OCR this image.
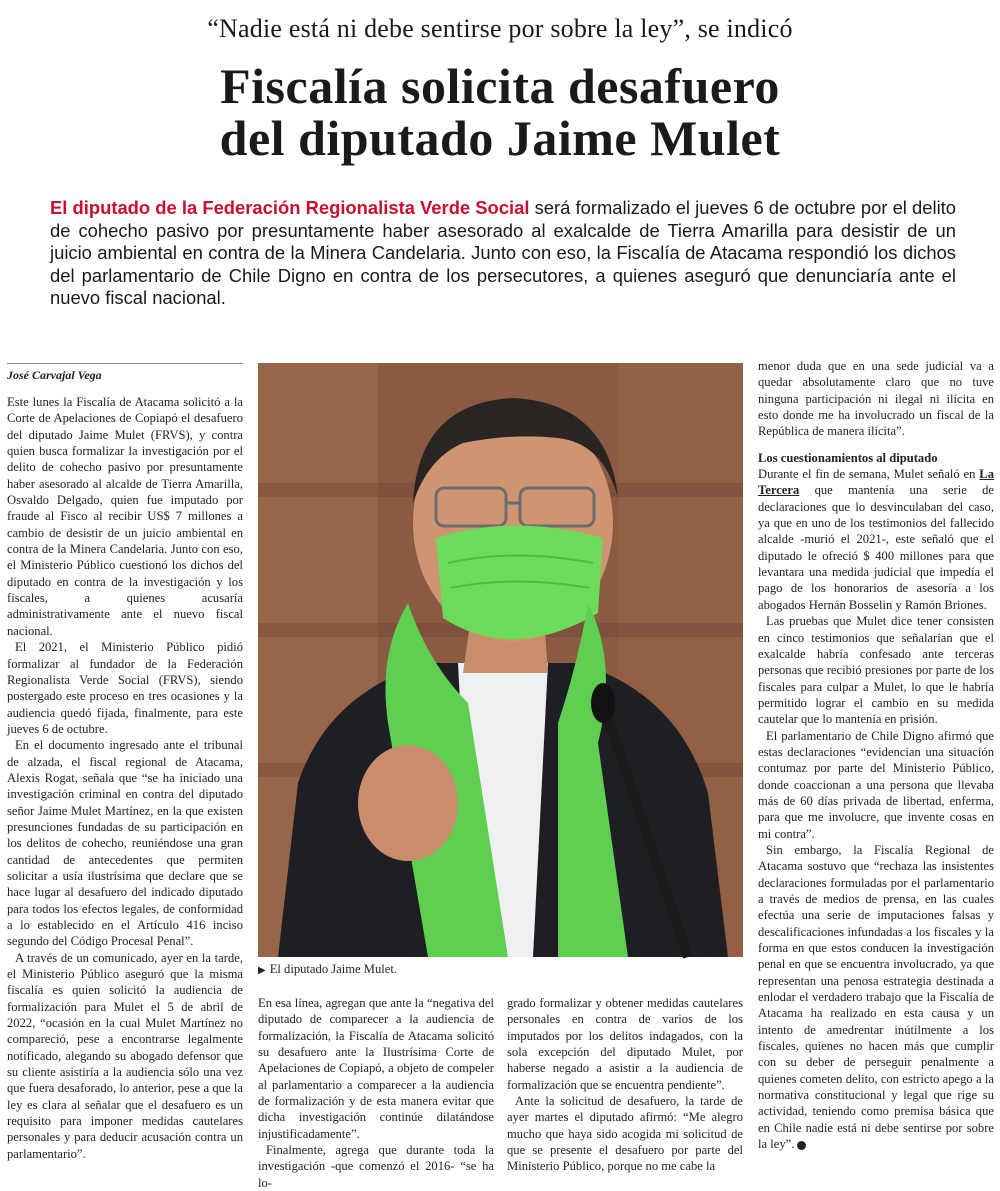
“Nadie está ni debe sentirse por sobre la ley”, se indicó
Fiscalía solicita desafuero
del diputado Jaime Mulet
El diputado de la Federación Regionalista Verde Social será formalizado el jueves 6 de octubre por el delito de cohecho pasivo por presuntamente haber asesorado al exalcalde de Tierra Amarilla para desistir de un juicio ambiental en contra de la Minera Candelaria. Junto con eso, la Fiscalía de Atacama respondió los dichos del parlamentario de Chile Digno en contra de los persecutores, a quienes aseguró que denunciaría ante el nuevo fiscal nacional.
José Carvajal Vega

Este lunes la Fiscalía de Atacama solicitó a la Corte de Apelaciones de Copiapó el desafuero del diputado Jaime Mulet (FRVS), y contra quien busca formalizar la investigación por el delito de cohecho pasivo por presuntamente haber asesorado al alcalde de Tierra Amarilla, Osvaldo Delgado, quien fue imputado por fraude al Fisco al recibir US$ 7 millones a cambio de desistir de un juicio ambiental en contra de la Minera Candelaria. Junto con eso, el Ministerio Público cuestionó los dichos del diputado en contra de la investigación y los fiscales, a quienes acusaría administrativamente ante el nuevo fiscal nacional.

El 2021, el Ministerio Público pidió formalizar al fundador de la Federación Regionalista Verde Social (FRVS), siendo postergado este proceso en tres ocasiones y la audiencia quedó fijada, finalmente, para este jueves 6 de octubre.

En el documento ingresado ante el tribunal de alzada, el fiscal regional de Atacama, Alexis Rogat, señala que “se ha iniciado una investigación criminal en contra del diputado señor Jaime Mulet Martínez, en la que existen presunciones fundadas de su participación en los delitos de cohecho, reuniéndose una gran cantidad de antecedentes que permiten solicitar a usía ilustrísima que declare que se hace lugar al desafuero del indicado diputado para todos los efectos legales, de conformidad a lo establecido en el Artículo 416 inciso segundo del Código Procesal Penal”.

A través de un comunicado, ayer en la tarde, el Ministerio Público aseguró que la misma fiscalía es quien solicitó la audiencia de formalización para Mulet el 5 de abril de 2022, “ocasión en la cual Mulet Martínez no compareció, pese a encontrarse legalmente notificado, alegando su abogado defensor que su cliente asistiría a la audiencia sólo una vez que fuera desaforado, lo anterior, pese a que la ley es clara al señalar que el desafuero es un requisito para imponer medidas cautelares personales y para deducir acusación contra un parlamentario”.

▶ El diputado Jaime Mulet.

En esa línea, agregan que ante la “negativa del diputado de comparecer a la audiencia de formalización, la Fiscalía de Atacama solicitó su desafuero ante la Ilustrísima Corte de Apelaciones de Copiapó, a objeto de compeler al parlamentario a comparecer a la audiencia de formalización y de esta manera evitar que dicha investigación continúe dilatándose injustificadamente”.

Finalmente, agrega que durante toda la investigación -que comenzó el 2016- “se ha lo-

grado formalizar y obtener medidas cautelares personales en contra de varios de los imputados por los delitos indagados, con la sola excepción del diputado Mulet, por haberse negado a asistir a la audiencia de formalización que se encuentra pendiente”.

Ante la solicitud de desafuero, la tarde de ayer martes el diputado afirmó: “Me alegro mucho que haya sido acogida mi solicitud de que se presente el desafuero por parte del Ministerio Público, porque no me cabe la

menor duda que en una sede judicial va a quedar absolutamente claro que no tuve ninguna participación ni ilegal ni ilícita en esto donde me ha involucrado un fiscal de la República de manera ilícita”.

Los cuestionamientos al diputado

Durante el fin de semana, Mulet señaló en La Tercera que mantenía una serie de declaraciones que lo desvinculaban del caso, ya que en uno de los testimonios del fallecido alcalde -murió el 2021-, este señaló que el diputado le ofreció $ 400 millones para que levantara una medida judicial que impedía el pago de los honorarios de asesoría a los abogados Hernán Bosselin y Ramón Briones.

Las pruebas que Mulet dice tener consisten en cinco testimonios que señalarían que el exalcalde habría confesado ante terceras personas que recibió presiones por parte de los fiscales para culpar a Mulet, lo que le habría permitido lograr el cambio en su medida cautelar que lo mantenía en prisión.

El parlamentario de Chile Digno afirmó que estas declaraciones “evidencian una situación contumaz por parte del Ministerio Público, donde coaccionan a una persona que llevaba más de 60 días privada de libertad, enferma, para que me involucre, que invente cosas en mi contra”.

Sin embargo, la Fiscalía Regional de Atacama sostuvo que “rechaza las insistentes declaraciones formuladas por el parlamentario a través de medios de prensa, en las cuales efectúa una serie de imputaciones falsas y descalificaciones infundadas a los fiscales y la forma en que estos conducen la investigación penal en que se encuentra involucrado, ya que representan una penosa estrategia destinada a enlodar el verdadero trabajo que la Fiscalía de Atacama ha realizado en esta causa y un intento de amedrentar inútilmente a los fiscales, quienes no hacen más que cumplir con su deber de perseguir penalmente a quienes cometen delito, con estricto apego a la normativa constitucional y legal que rige su actividad, teniendo como premisa básica que en Chile nadie está ni debe sentirse por sobre la ley”.
